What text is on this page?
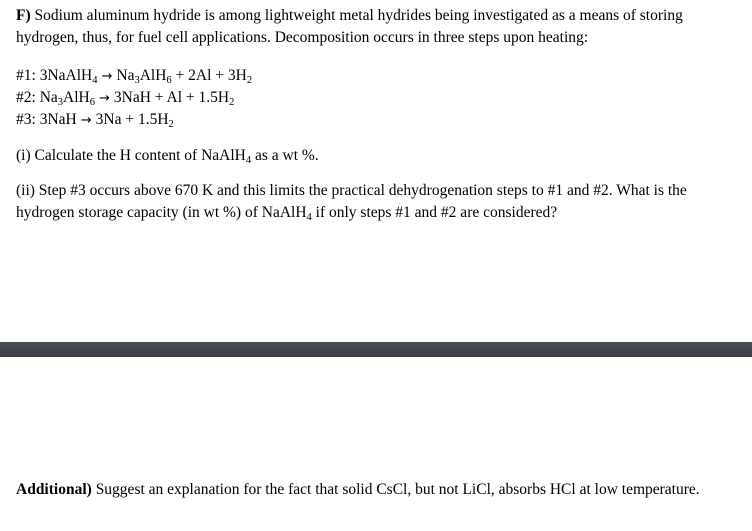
F) Sodium aluminum hydride is among lightweight metal hydrides being investigated as a means of storing hydrogen, thus, for fuel cell applications. Decomposition occurs in three steps upon heating:

#1: 3NaAlH$_4$ → $Na_3AlH_6 + 2Al + 3H_2$
#2: $Na_3AlH_6 \to 3NaH + Al + 1.5H_2$
#3: $3NaH \to 3Na + 1.5H_2$

(i) Calculate the H content of NaAlH$_4$ as a wt %.

(ii) Step #3 occurs above 670 K and this limits the practical dehydrogenation steps to #1 and #2. What is the hydrogen storage capacity (in wt %) of NaAlH$_4$ if only steps #1 and #2 are considered?

Additional) Suggest an explanation for the fact that solid CsCl, but not LiCl, absorbs HCl at low temperature.
